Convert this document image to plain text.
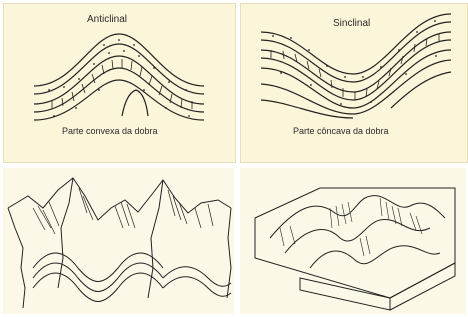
Anticlinal
Parte convexa da dobra
Sinclinal
Parte côncava da dobra
